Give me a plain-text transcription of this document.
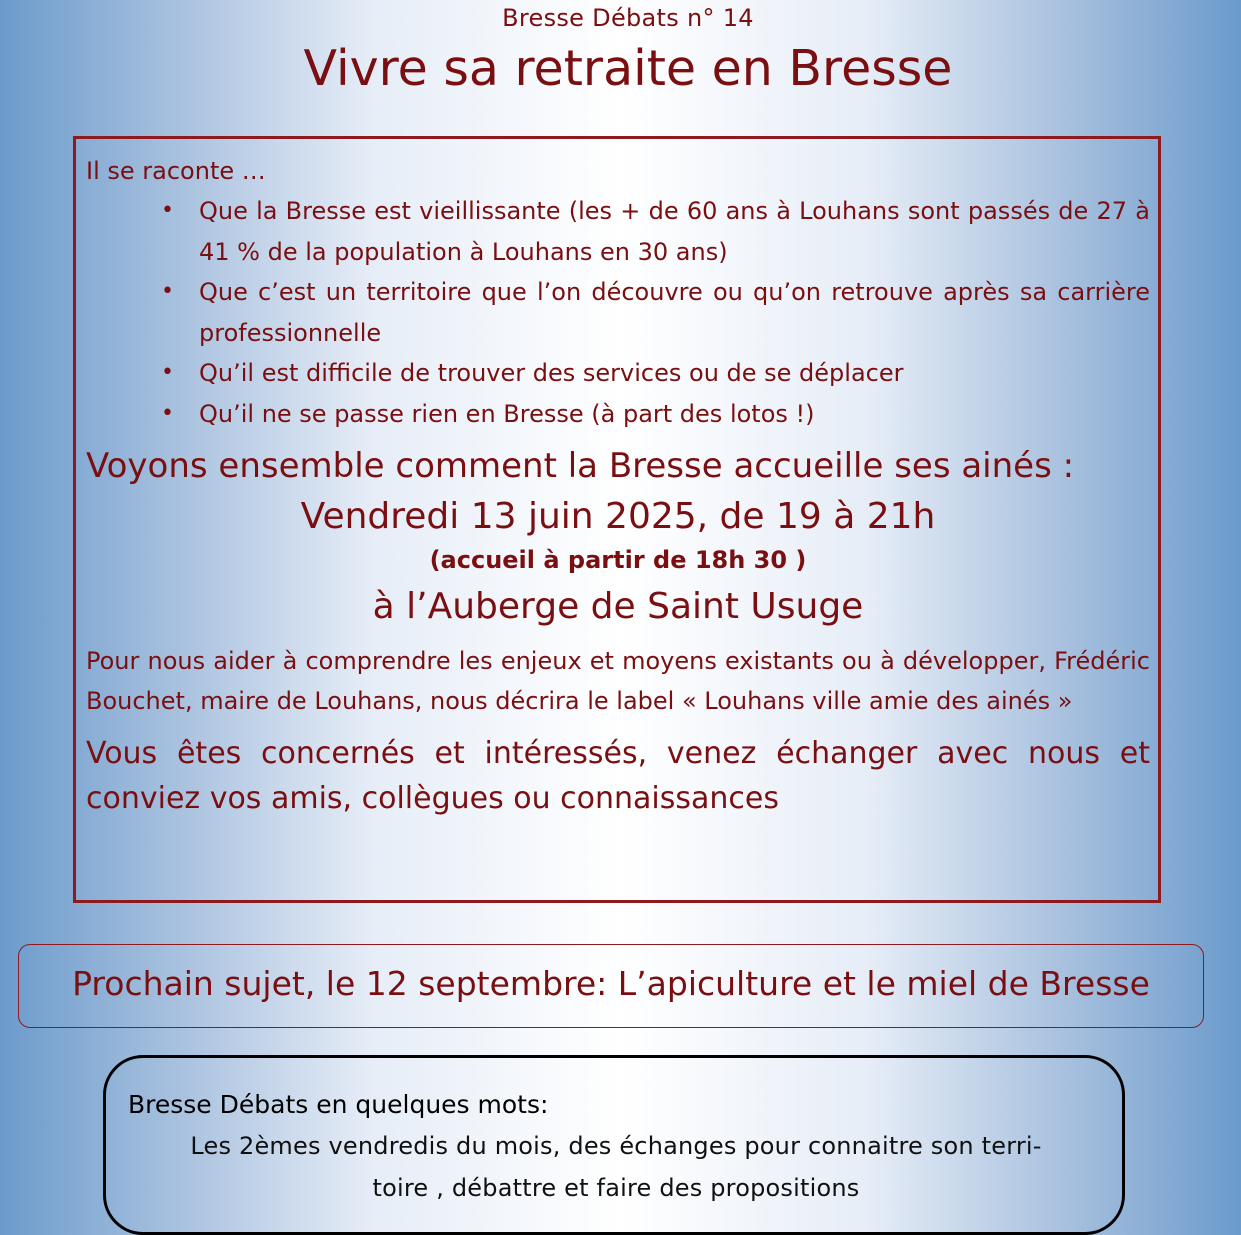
Bresse Débats n° 14
Vivre sa retraite en Bresse

Il se raconte …

• Que la Bresse est vieillissante (les + de 60 ans à Louhans sont passés de 27 à 41 % de la population à Louhans en 30 ans)
• Que c’est un territoire que l’on découvre ou qu’on retrouve après sa carrière professionnelle
• Qu’il est difficile de trouver des services ou de se déplacer
• Qu’il ne se passe rien en Bresse (à part des lotos !)

Voyons ensemble comment la Bresse accueille ses ainés :

Vendredi 13 juin 2025, de 19 à 21h

(accueil à partir de 18h 30 )

à l’Auberge de Saint Usuge

Pour nous aider à comprendre les enjeux et moyens existants ou à développer, Frédéric Bouchet, maire de Louhans, nous décrira le label « Louhans ville amie des ainés »

Vous êtes concernés et intéressés, venez échanger avec nous et conviez vos amis, collègues ou connaissances

Prochain sujet, le 12 septembre: L’apiculture et le miel de Bresse

Bresse Débats en quelques mots:

Les 2èmes vendredis du mois, des échanges pour connaitre son terri-

toire , débattre et faire des propositions
